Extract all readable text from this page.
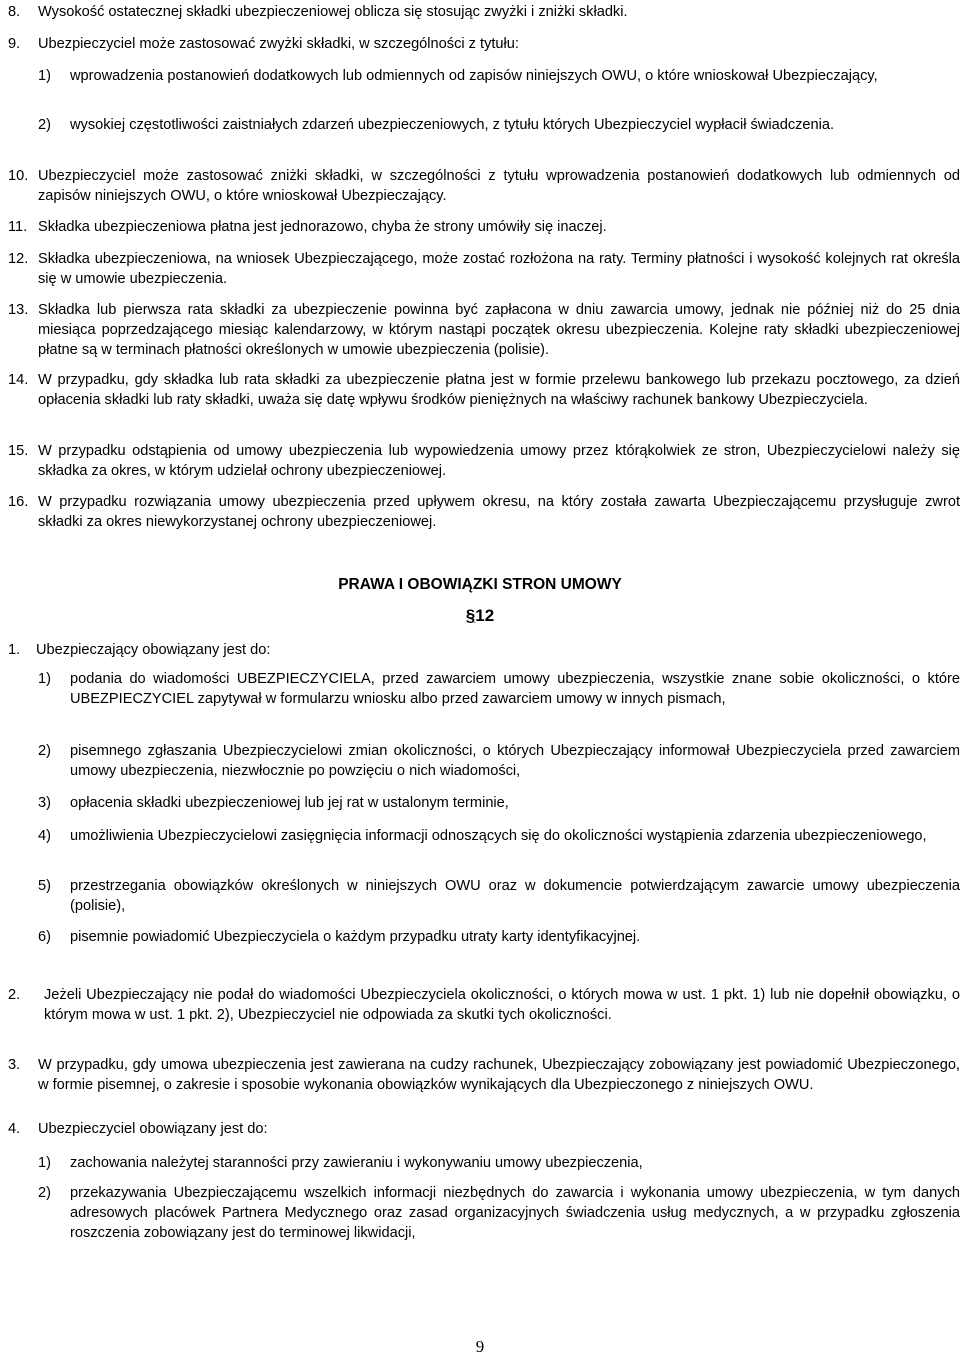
8.	Wysokość ostatecznej składki ubezpieczeniowej oblicza się stosując zwyżki i zniżki składki.
9.	Ubezpieczyciel może zastosować zwyżki składki, w szczególności z tytułu:
1)	wprowadzenia postanowień dodatkowych lub odmiennych od zapisów niniejszych OWU, o które wnioskował Ubezpieczający,
2)	wysokiej częstotliwości zaistniałych zdarzeń ubezpieczeniowych, z tytułu których Ubezpieczyciel wypłacił świadczenia.
10. Ubezpieczyciel może zastosować zniżki składki, w szczególności z tytułu wprowadzenia postanowień dodatkowych lub odmiennych od zapisów niniejszych OWU, o które wnioskował Ubezpieczający.
11. Składka ubezpieczeniowa płatna jest jednorazowo, chyba że strony umówiły się inaczej.
12. Składka ubezpieczeniowa, na wniosek Ubezpieczającego, może zostać rozłożona na raty. Terminy płatności i wysokość kolejnych rat określa się w umowie ubezpieczenia.
13. Składka lub pierwsza rata składki za ubezpieczenie powinna być zapłacona w dniu zawarcia umowy, jednak nie później niż do 25 dnia miesiąca poprzedzającego miesiąc kalendarzowy, w którym nastąpi początek okresu ubezpieczenia. Kolejne raty składki ubezpieczeniowej płatne są w terminach płatności określonych w umowie ubezpieczenia (polisie).
14. W przypadku, gdy składka lub rata składki za ubezpieczenie płatna jest w formie przelewu bankowego lub przekazu pocztowego, za dzień opłacenia składki lub raty składki, uważa się datę wpływu środków pieniężnych na właściwy rachunek bankowy Ubezpieczyciela.
15. W przypadku odstąpienia od umowy ubezpieczenia lub wypowiedzenia umowy przez którąkolwiek ze stron, Ubezpieczycielowi należy się składka za okres, w którym udzielał ochrony ubezpieczeniowej.
16. W przypadku rozwiązania umowy ubezpieczenia przed upływem okresu, na który została zawarta Ubezpieczającemu przysługuje zwrot składki za okres niewykorzystanej ochrony ubezpieczeniowej.
PRAWA I OBOWIĄZKI STRON UMOWY
§12
1.	Ubezpieczający obowiązany jest do:
1)	podania do wiadomości UBEZPIECZYCIELA, przed zawarciem umowy ubezpieczenia, wszystkie znane sobie okoliczności, o które UBEZPIECZYCIEL zapytywał w formularzu wniosku albo przed zawarciem umowy w innych pismach,
2)	pisemnego zgłaszania Ubezpieczycielowi zmian okoliczności, o których Ubezpieczający informował Ubezpieczyciela przed zawarciem umowy ubezpieczenia, niezwłocznie po powzięciu o nich wiadomości,
3)	opłacenia składki ubezpieczeniowej lub jej rat w ustalonym terminie,
4)	umożliwienia Ubezpieczycielowi zasięgnięcia informacji odnoszących się do okoliczności wystąpienia zdarzenia ubezpieczeniowego,
5)	przestrzegania obowiązków określonych w niniejszych OWU oraz w dokumencie potwierdzającym zawarcie umowy ubezpieczenia (polisie),
6)	pisemnie powiadomić Ubezpieczyciela o każdym przypadku utraty karty identyfikacyjnej.
2.	Jeżeli Ubezpieczający nie podał do wiadomości Ubezpieczyciela okoliczności, o których mowa w ust. 1 pkt. 1) lub nie dopełnił obowiązku, o którym mowa w ust. 1 pkt. 2), Ubezpieczyciel nie odpowiada za skutki tych okoliczności.
3.	W przypadku, gdy umowa ubezpieczenia jest zawierana na cudzy rachunek, Ubezpieczający zobowiązany jest powiadomić Ubezpieczonego, w formie pisemnej, o zakresie i sposobie wykonania obowiązków wynikających dla Ubezpieczonego z niniejszych OWU.
4.	Ubezpieczyciel obowiązany jest do:
1)	zachowania należytej staranności przy zawieraniu i wykonywaniu umowy ubezpieczenia,
2)	przekazywania Ubezpieczającemu wszelkich informacji niezbędnych do zawarcia i wykonania umowy ubezpieczenia, w tym danych adresowych placówek Partnera Medycznego oraz zasad organizacyjnych świadczenia usług medycznych, a w przypadku zgłoszenia roszczenia zobowiązany jest do terminowej likwidacji,
9
